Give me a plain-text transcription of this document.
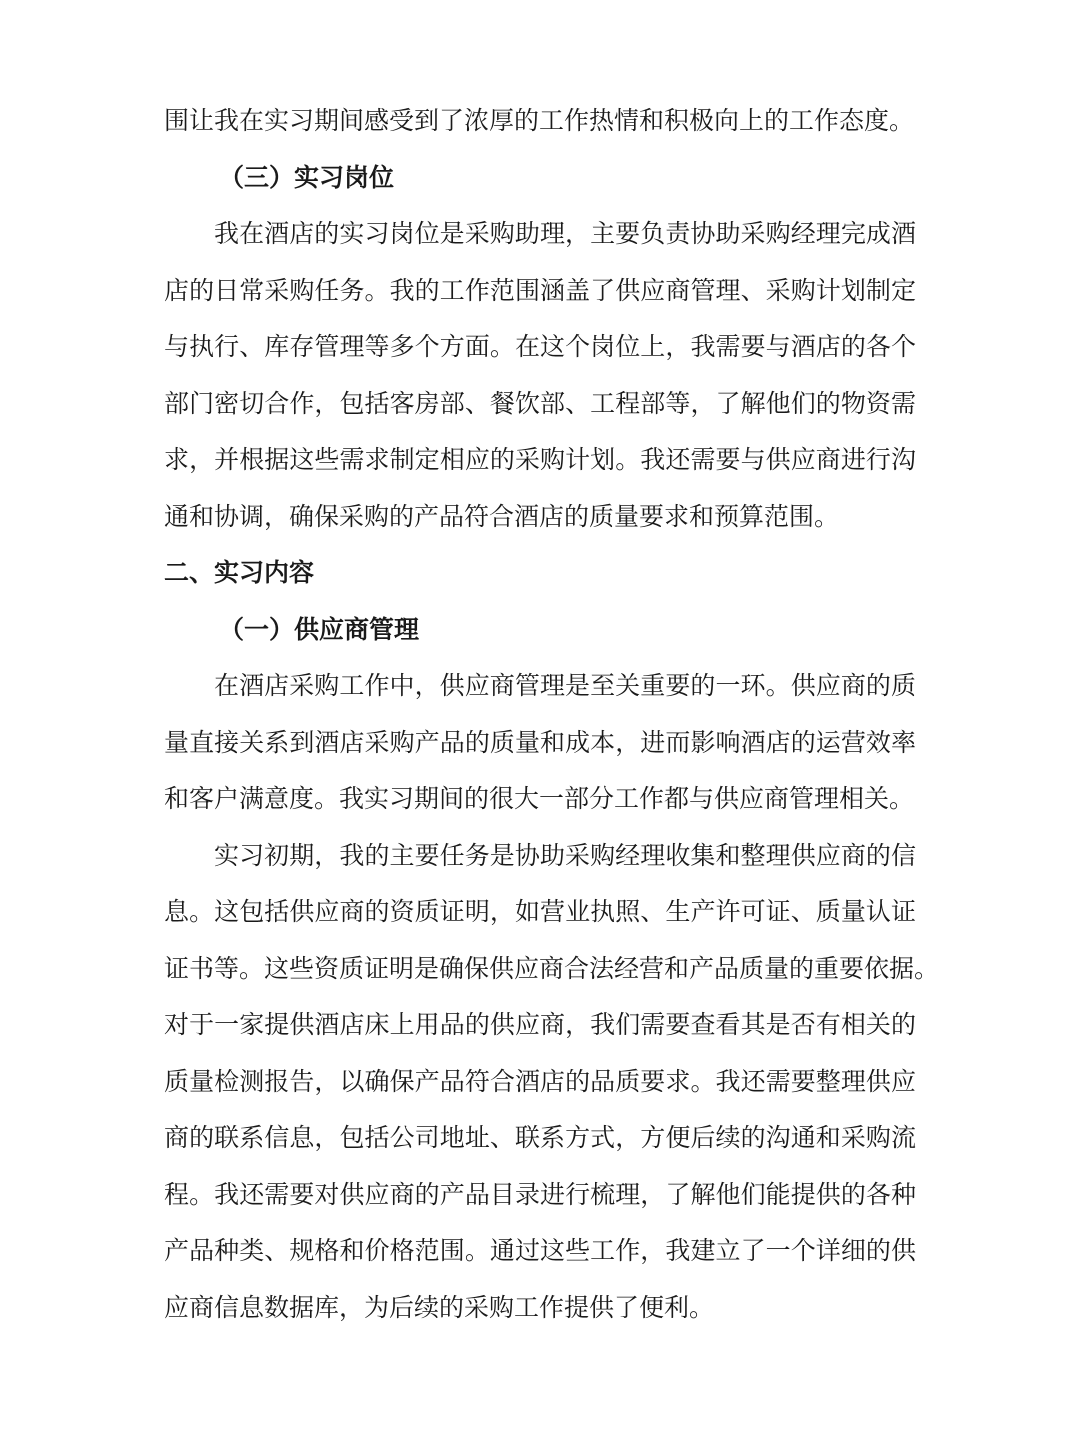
围让我在实习期间感受到了浓厚的工作热情和积极向上的工作态度。
（三）实习岗位
我在酒店的实习岗位是采购助理，主要负责协助采购经理完成酒
店的日常采购任务。我的工作范围涵盖了供应商管理、采购计划制定
与执行、库存管理等多个方面。在这个岗位上，我需要与酒店的各个
部门密切合作，包括客房部、餐饮部、工程部等，了解他们的物资需
求，并根据这些需求制定相应的采购计划。我还需要与供应商进行沟
通和协调，确保采购的产品符合酒店的质量要求和预算范围。
二、实习内容
（一）供应商管理
在酒店采购工作中，供应商管理是至关重要的一环。供应商的质
量直接关系到酒店采购产品的质量和成本，进而影响酒店的运营效率
和客户满意度。我实习期间的很大一部分工作都与供应商管理相关。
实习初期，我的主要任务是协助采购经理收集和整理供应商的信
息。这包括供应商的资质证明，如营业执照、生产许可证、质量认证
证书等。这些资质证明是确保供应商合法经营和产品质量的重要依据。
对于一家提供酒店床上用品的供应商，我们需要查看其是否有相关的
质量检测报告，以确保产品符合酒店的品质要求。我还需要整理供应
商的联系信息，包括公司地址、联系方式，方便后续的沟通和采购流
程。我还需要对供应商的产品目录进行梳理，了解他们能提供的各种
产品种类、规格和价格范围。通过这些工作，我建立了一个详细的供
应商信息数据库，为后续的采购工作提供了便利。
